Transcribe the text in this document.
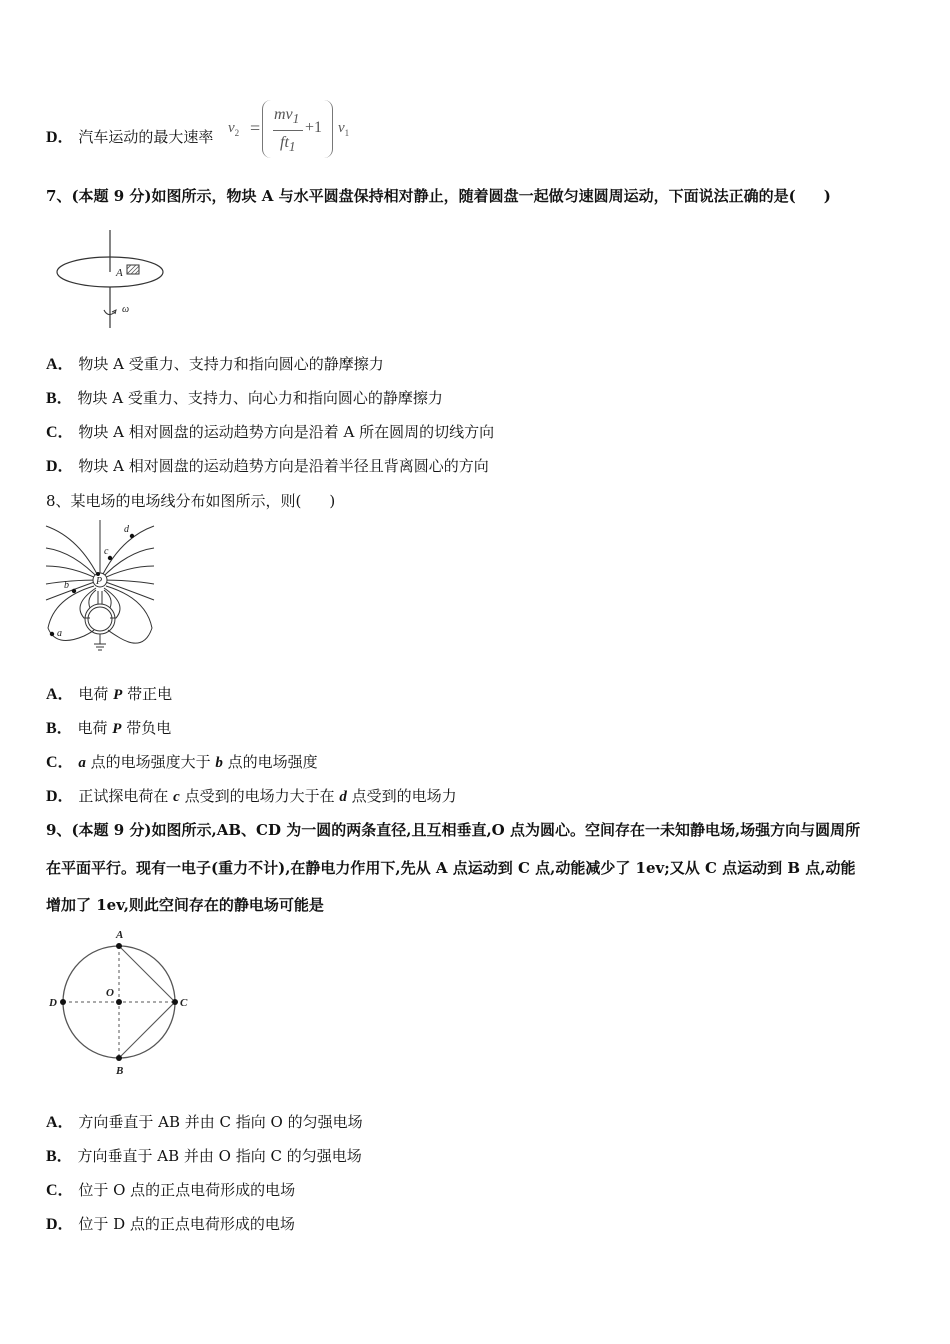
D． 汽车运动的最大速率 $v_2$ =
$mv_1$
$ft_1$
+1 $v_1$
7、(本题 9 分)如图所示，物块 A 与水平圆盘保持相对静止，随着圆盘一起做匀速圆周运动，下面说法正确的是( )
A
ω
A． 物块 A 受重力、支持力和指向圆心的静摩擦力
B． 物块 A 受重力、支持力、向心力和指向圆心的静摩擦力
C． 物块 A 相对圆盘的运动趋势方向是沿着 A 所在圆周的切线方向
D． 物块 A 相对圆盘的运动趋势方向是沿着半径且背离圆心的方向
8、某电场的电场线分布如图所示，则( )
P
a
b
c
d
A． 电荷 P 带正电
B． 电荷 P 带负电
C． a 点的电场强度大于 b 点的电场强度
D． 正试探电荷在 c 点受到的电场力大于在 d 点受到的电场力
9、(本题 9 分)如图所示,AB、CD 为一圆的两条直径,且互相垂直,O 点为圆心。空间存在一未知静电场,场强方向与圆周所
在平面平行。现有一电子(重力不计),在静电力作用下,先从 A 点运动到 C 点,动能减少了 1ev;又从 C 点运动到 B 点,动能
增加了 1ev,则此空间存在的静电场可能是
A
B
C
D
O
A． 方向垂直于 AB 并由 C 指向 O 的匀强电场
B． 方向垂直于 AB 并由 O 指向 C 的匀强电场
C． 位于 O 点的正点电荷形成的电场
D． 位于 D 点的正点电荷形成的电场
